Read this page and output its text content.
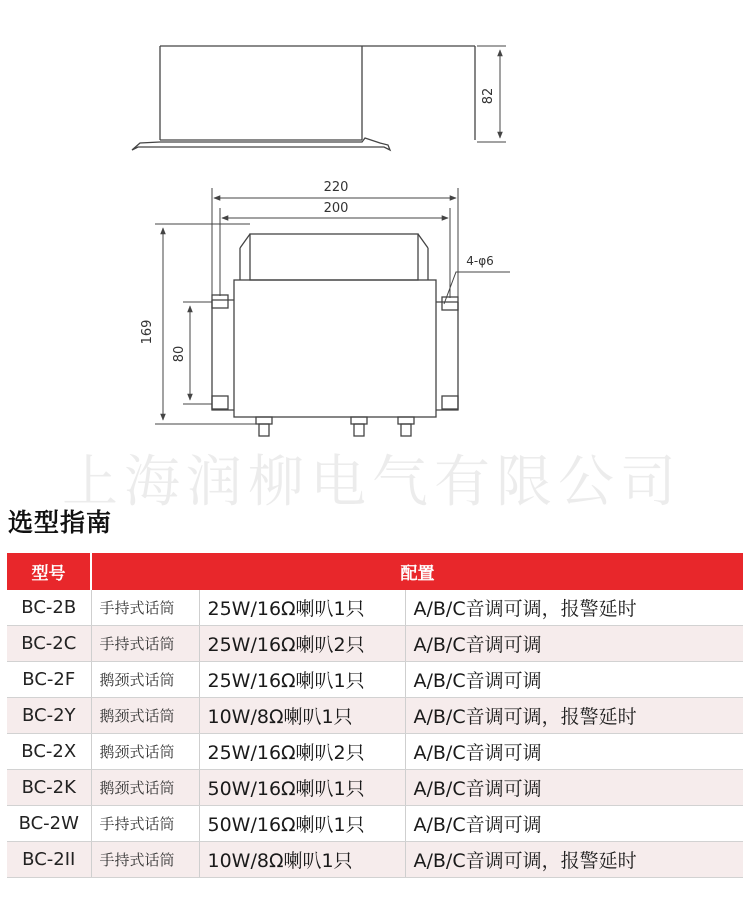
82
220
200
169
80
4-φ6
上海润柳电气有限公司
选型指南
型号	配置		
BC-2B	手持式话筒	25W/16Ω喇叭1只	A/B/C音调可调，报警延时
BC-2C	手持式话筒	25W/16Ω喇叭2只	A/B/C音调可调
BC-2F	鹅颈式话筒	25W/16Ω喇叭1只	A/B/C音调可调
BC-2Y	鹅颈式话筒	10W/8Ω喇叭1只	A/B/C音调可调，报警延时
BC-2X	鹅颈式话筒	25W/16Ω喇叭2只	A/B/C音调可调
BC-2K	鹅颈式话筒	50W/16Ω喇叭1只	A/B/C音调可调
BC-2W	手持式话筒	50W/16Ω喇叭1只	A/B/C音调可调
BC-2II	手持式话筒	10W/8Ω喇叭1只	A/B/C音调可调，报警延时
